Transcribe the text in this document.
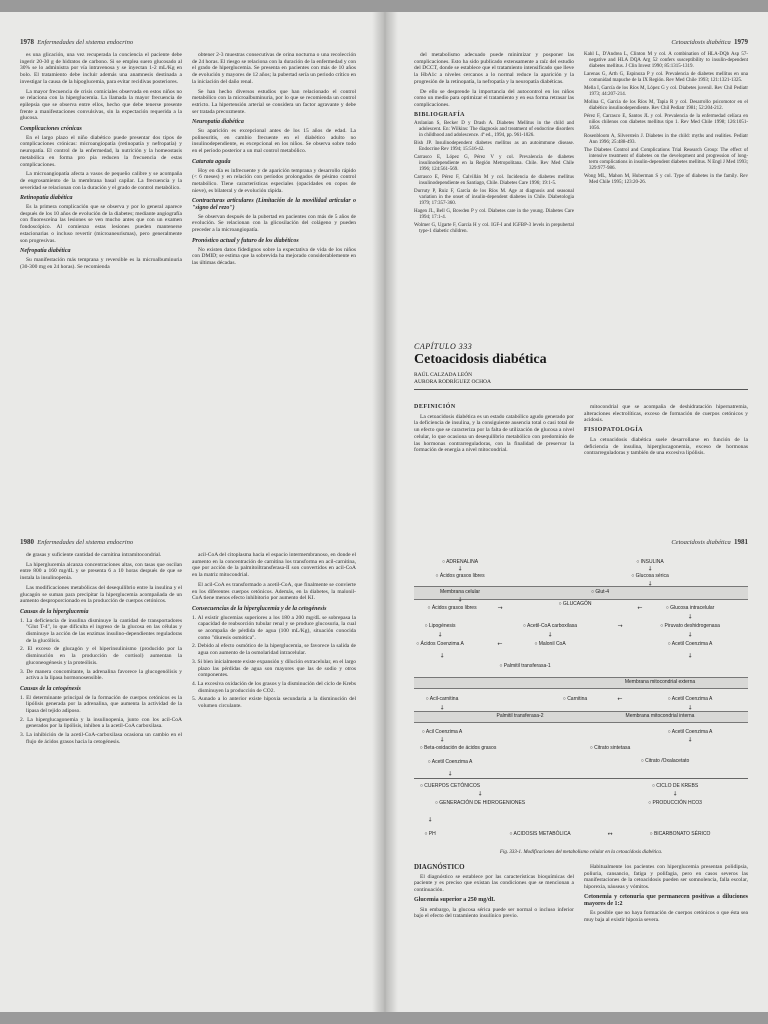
1978 Enfermedades del sistema endocrino

es una glicación, una vez recuperada la conciencia el paciente debe ingerir 20-30 g de hidratos de carbono. Si se emplea suero glucosado al 30% se lo administra por vía intravenosa y se inyectan 1-2 mL/Kg en bolo. El tratamiento debe incluir además una anamnesis destinada a investigar la causa de la hipoglucemia, para evitar recidivas posteriores.

La mayor frecuencia de crisis comiciales observada en estos niños no se relaciona con la hiperglucemia. La llamada la mayor frecuencia de epilepsia que se observa entre ellos, hecho que debe tenerse presente frente a manifestaciones convulsivas, sin la expectación requerida a la glucosa.

Complicaciones crónicas

En el largo plazo el niño diabético puede presentar dos tipos de complicaciones crónicas: microangiopatía (retinopatía y nefropatía) y neuropatía. El control de la enfermedad, la nutrición y la homeostasis metabólica en forma pro pia reducen la frecuencia de estas complicaciones.

La microangiopatía afecta a vasos de pequeño calibre y se acompaña de engrosamiento de la membrana basal capilar. La frecuencia y la severidad se relacionan con la duración y el grado de control metabólico.

Retinopatía diabética

Es la primera complicación que se observa y por lo general aparece después de los 10 años de evolución de la diabetes; mediante angiografía con fluoresceína las lesiones se ven mucho antes que con un examen fondoscópico. Al comienzo estas lesiones pueden mantenerse estacionarias o incluso revertir (microaneurismas), pero generalmente son progresivas.

Nefropatía diabética

Su manifestación más temprana y reversible es la microalbuminuria (30-300 mg en 24 horas). Se recomienda

obtener 2-3 muestras consecutivas de orina nocturna o una recolección de 24 horas. El riesgo se relaciona con la duración de la enfermedad y con el grado de hiperglucemia. Se presenta en pacientes con más de 10 años de evolución y mayores de 12 años; la pubertad sería un periodo crítico en la iniciación del daño renal.

Se han hecho diversos estudios que han relacionado el control metabólico con la microalbuminuria, por lo que se recomienda un control estricto. La hipertensión arterial se considera un factor agravante y debe ser tratada precozmente.

Neuropatía diabética

Su aparición es excepcional antes de los 15 años de edad. La polineuritis, en cambio frecuente en el diabético adulto no insulinodependiente, es excepcional en los niños. Se observa sobre todo en el período posterior a un mal control metabólico.

Catarata aguda

Hoy en día es infrecuente y de aparición temprana y desarrollo rápido (< 6 meses) y en relación con períodos prolongados de pésimo control metabólico. Tiene características especiales (opacidades en copos de nieve), es bilateral y de evolución rápida.

Contracturas articulares (Limitación de la movilidad articular o "signo del rezo")

Se observan después de la pubertad en pacientes con más de 5 años de evolución. Se relacionan con la glicosilación del colágeno y pueden preceder a la microangiopatía.

Pronóstico actual y futuro de los diabéticos

No existen datos fidedignos sobre la expectativa de vida de los niños con DMID; se estima que la sobrevida ha mejorado considerablemente en las últimas décadas.

Cetoacidosis diabética 1979

del metabolismo adecuado puede minimizar y posponer las complicaciones. Esto ha sido publicado extensamente a raíz del estudio del DCCT, donde se establece que el tratamiento intensificado que lleve la HbA1c a niveles cercanos a lo normal reduce la aparición y la progresión de la retinopatía, la nefropatía y la neuropatía diabéticas.

De ello se desprende la importancia del autocontrol en los niños como un medio para optimizar el tratamiento y en esa forma retrasar las complicaciones.

BIBLIOGRAFÍA
Arslanian S, Becker D y Drash A. Diabetes Mellitus in the child and adolescent. En: Wilkins: The diagnosis and treatment of endocrine disorders in childhood and adolescence. 4ª ed., 1994, pp. 961-1026.
Bish JP. Insulinodependent diabetes mellitus as an autoimmune disease. Endocrine Rev 1994; 15:516-42.
Carrasco E, López G, Pérez V y col. Prevalencia de diabetes insulinodependiente en la Región Metropolitana. Chile. Rev Med Chile 1996; 124:561-569.
Carrasco E, Pérez F, Calvillán M y col. Incidencia de diabetes mellitus insulinodependiente en Santiago, Chile. Diabetes Care 1996; 19:1-5.
Durruty P, Ruiz F, García de los Ríos M. Age at diagnosis and seasonal variation in the onset of insulin-dependent diabetes in Chile. Diabetologia 1979; 17:357-360.
Hagen JL, Bell G, Bowden P y col. Diabetes care in the young. Diabetes Care 1994; 17:1-4.
Wolmer G, Ugarte F, García H y col. IGF-I and IGFBP-3 levels in prepubertal type-1 diabetic children.
Kahl L, D'Andrea L, Clinton M y col. A combination of HLA-DQb Asp 57-negative and HLA DQA Arg 52 confers susceptibility to insulin-dependent diabetes mellitus. J Clin Invest 1990; 85:1315-1319.
Larenas G, Arth G, Espinoza P y col. Prevalencia de diabetes mellitus en una comunidad mapuche de la IX Región. Rev Med Chile 1993; 121:1321-1325.
Mella I, García de los Ríos M, López G y col. Diabetes juvenil. Rev Chil Pediatr 1973; 44:207-214.
Molina C, Garcia de los Ríos M, Tapia R y col. Desarrollo psicomotor en el diabético insulinodependiente. Rev Chil Pediatr 1981; 52:204-212.
Pérez F, Carrasco E, Santos JL y col. Prevalencia de la enfermedad celíaca en niños chilenos con diabetes mellitus tipo 1. Rev Med Chile 1998; 126:1051-1056.
Rosenbloom A, Silverstein J. Diabetes in the child: myths and realities. Pediatr Ann 1996; 25:488-493.
The Diabetes Control and Complications Trial Research Group: The effect of intensive treatment of diabetes on the development and progression of long-term complications in insulin-dependent diabetes mellitus. N Engl J Med 1993; 329:977-986.
Wong ML, Mahon M, Huberman S y col. Type of diabetes in the family. Rev Med Chile 1995; 123:20-26.
CAPÍTULO 333
Cetoacidosis diabética
RAÚL CALZADA LEÓN
AURORA RODRÍGUEZ OCHOA
DEFINICIÓN

La cetoacidosis diabética es un estado catabólico agudo generado por la deficiencia de insulina, y la consiguiente ausencia total o casi total de un efecto que se caracteriza por la falta de utilización de glucosa a nivel celular, lo que ocasiona un desequilibrio metabólico con predominio de las hormonas contrarreguladoras, con la finalidad de preservar la formación de energía a nivel mitocondrial.

mitocondrial que se acompaña de deshidratación hipernatremia, alteraciones electrolíticas, exceso de formación de cuerpos cetónicos y acidosis.

FISIOPATOLOGÍA

La cetoacidosis diabética suele desarrollarse en función de la deficiencia de insulina, hiperglucagonemia, exceso de hormonas contrarreguladoras y también de una excesiva lipólisis.

1980 Enfermedades del sistema endocrino

de grasas y suficiente cantidad de carnitina intramitocondrial.

La hiperglucemia alcanza concentraciones altas, con tasas que oscilan entre 800 a 160 mg/dL y se presenta 6 a 10 horas después de que se instala la insulinopenia.

Las modificaciones metabólicas del desequilibrio entre la insulina y el glucagón se suman para precipitar la hiperglucemia acompañada de un aumento desproporcionado en la producción de cuerpos cetónicos.

Causas de la hiperglucemia
1. La deficiencia de insulina disminuye la cantidad de transportadores "Glut T-4", lo que dificulta el ingreso de la glucosa en las células y disminuye la acción de las enzimas insulino-dependientes reguladoras de la glucólisis.
2. El exceso de glucagón y el hiperinsulinismo (producido por la disminución en la producción de cortisol) aumentan la gluconeogénesis y la proteólisis.
3. De manera concomitante, la adrenalina favorece la glucogenólisis y activa a la lipasa hormonosensible.
Causas de la cetogénesis
1. El determinante principal de la formación de cuerpos cetónicos es la lipólisis generada por la adrenalina, que aumenta la actividad de la lipasa del tejido adiposo.
2. La hiperglucagonemia y la insulinopenia, junto con los acil-CoA generados por la lipólisis, inhiben a la acetil-CoA carboxilasa.
3. La inhibición de la acetil-CoA-carboxilasa ocasiona un cambio en el flujo de ácidos grasos hacia la cetogénesis.

acil-CoA del citoplasma hacia el espacio intermembranoso, en donde el aumento en la concentración de carnitina los transforma en acil-carnitina, que por acción de la palmitoiltransferasa-II son convertidos en acil-CoA en la matriz mitocondrial.

El acil-CoA es transformado a acetil-CoA, que finalmente se convierte en los diferentes cuerpos cetónicos. Además, en la diabetes, la malonil-CoA tiene menos efecto inhibitorio por aumento del KI.

Consecuencias de la hiperglucemia y de la cetogénesis
1. Al existir glucemias superiores a los 180 a 200 mg/dL se sobrepasa la capacidad de reabsorción tubular renal y se produce glucosuria, la cual se acompaña de pérdida de agua (100 mL/Kg), situación conocida como "diuresis osmótica".
2. Debido al efecto osmótico de la hiperglucemia, se favorece la salida de agua con aumento de la osmolaridad intracelular.
3. Si bien inicialmente existe expansión y dilución extracelular, en el largo plazo las pérdidas de agua son mayores que las de sodio y otros componentes.
4. La excesiva oxidación de los grasos y la disminución del ciclo de Krebs disminuyen la producción de CO2.
5. Aunado a lo anterior existe hipoxia secundaria a la disminución del volumen circulante.
Cetoacidosis diabética 1981
○ ADRENALINA	○ INSULINA
○ Ácidos grasos libres	○ Glucosa sérica
Membrana celular	○ Glut-4
○ Ácidos grasos libres
○ GLUCAGÓN
○ Glucosa intracelular
○ Lipogénesis	○ Acetil-CoA carboxilasa	○ Piruvato deshidrogenasa
○ Ácidos Coenzima A	○ Malonil CoA	○ Acetil Coenzima A
○ Palmitil transferasa-1
Membrana mitocondrial externa
○ Acil-carnitina	○ Carnitina	○ Acetil Coenzima A
Palmitil transferasa-2	Membrana mitocondrial interna
○ Acil Coenzima A	○ Acetil Coenzima A
○ Beta-oxidación de ácidos grasos	○ Citrato sintetasa
○ Citrato /Oxalacetato
○ Acetil Coenzima A
○ CUERPOS CETÓNICOS	○ CICLO DE KREBS
○ GENERACIÓN DE HIDROGENIONES	○ PRODUCCIÓN HCO3
○ PH	○ ACIDOSIS METABÓLICA	○ BICARBONATO SÉRICO
↓	↓
↓
↓
↓
↓	↓	↓
↓	↓
↓	↓
↓	↓
↓
↓
↓
↓
↔
→	←
→
←
←
Fig. 333-1. Modificaciones del metabolismo celular en la cetoacidosis diabética.
DIAGNÓSTICO

El diagnóstico se establece por las características bioquímicas del paciente y es preciso que existan las condiciones que se mencionan a continuación.

Glucemia superior a 250 mg/dL

Sin embargo, la glucosa sérica puede ser normal o incluso inferior bajo el efecto del tratamiento insulínico previo.

Habitualmente los pacientes con hiperglucemia presentan polidipsia, poliuria, cansancio, fatiga y polifagia, pero en casos severos las manifestaciones de la cetoacidosis pueden ser somnolencia, falla escolar, hiporexia, náuseas y vómitos.

Cetonemia y cetonuria que permanecen positivas a diluciones mayores de 1:2

Es posible que no haya formación de cuerpos cetónicos o que ésta sea muy baja al existir hipoxia severa.
